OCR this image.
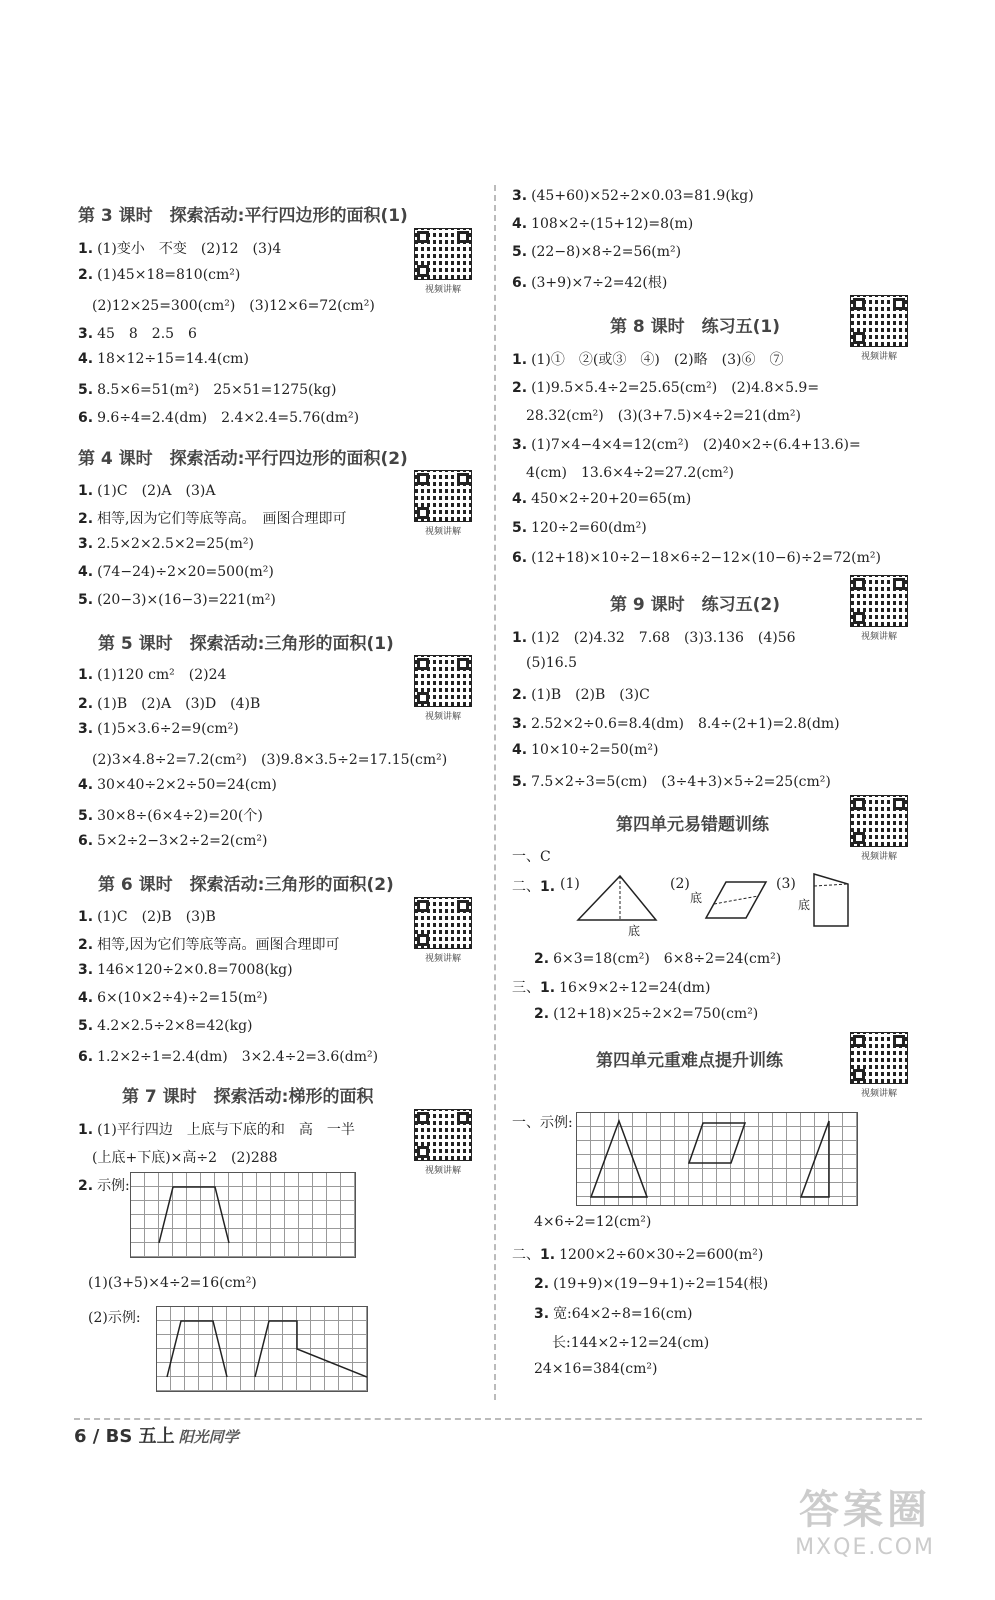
第 3 课时　探索活动:平行四边形的面积(1)
1. (1)变小　不变　(2)12　(3)4
2. (1)45×18=810(cm²)
(2)12×25=300(cm²)　(3)12×6=72(cm²)
3. 45　8　2.5　6
4. 18×12÷15=14.4(cm)
5. 8.5×6=51(m²)　25×51=1275(kg)
6. 9.6÷4=2.4(dm)　2.4×2.4=5.76(dm²)
第 4 课时　探索活动:平行四边形的面积(2)
1. (1)C　(2)A　(3)A
2. 相等,因为它们等底等高。　画图合理即可
3. 2.5×2×2.5×2=25(m²)
4. (74−24)÷2×20=500(m²)
5. (20−3)×(16−3)=221(m²)
第 5 课时　探索活动:三角形的面积(1)
1. (1)120 cm²　(2)24
2. (1)B　(2)A　(3)D　(4)B
3. (1)5×3.6÷2=9(cm²)
(2)3×4.8÷2=7.2(cm²)　(3)9.8×3.5÷2=17.15(cm²)
4. 30×40÷2×2÷50=24(cm)
5. 30×8÷(6×4÷2)=20(个)
6. 5×2÷2−3×2÷2=2(cm²)
第 6 课时　探索活动:三角形的面积(2)
1. (1)C　(2)B　(3)B
2. 相等,因为它们等底等高。画图合理即可
3. 146×120÷2×0.8=7008(kg)
4. 6×(10×2÷4)÷2=15(m²)
5. 4.2×2.5÷2×8=42(kg)
6. 1.2×2÷1=2.4(dm)　3×2.4÷2=3.6(dm²)
第 7 课时　探索活动:梯形的面积
1. (1)平行四边　上底与下底的和　高　一半
(上底+下底)×高÷2　(2)288
2. 示例:
(1)(3+5)×4÷2=16(cm²)
(2)示例:
视频讲解
视频讲解
视频讲解
视频讲解
视频讲解
3. (45+60)×52÷2×0.03=81.9(kg)
4. 108×2÷(15+12)=8(m)
5. (22−8)×8÷2=56(m²)
6. (3+9)×7÷2=42(根)
第 8 课时　练习五(1)
1. (1)①　②(或③　④)　(2)略　(3)⑥　⑦
2. (1)9.5×5.4÷2=25.65(cm²)　(2)4.8×5.9=
28.32(cm²)　(3)(3+7.5)×4÷2=21(dm²)
3. (1)7×4−4×4=12(cm²)　(2)40×2÷(6.4+13.6)=
4(cm)　13.6×4÷2=27.2(cm²)
4. 450×2÷20+20=65(m)
5. 120÷2=60(dm²)
6. (12+18)×10÷2−18×6÷2−12×(10−6)÷2=72(m²)
第 9 课时　练习五(2)
1. (1)2　(2)4.32　7.68　(3)3.136　(4)56
(5)16.5
2. (1)B　(2)B　(3)C
3. 2.52×2÷0.6=8.4(dm)　8.4÷(2+1)=2.8(dm)
4. 10×10÷2=50(m²)
5. 7.5×2÷3=5(cm)　(3÷4+3)×5÷2=25(cm²)
第四单元易错题训练
一、C
二、1. (1)
底
(2)
底
(3)
底
2. 6×3=18(cm²)　6×8÷2=24(cm²)
三、1. 16×9×2÷12=24(dm)
2. (12+18)×25÷2×2=750(cm²)
第四单元重难点提升训练
一、示例:
4×6÷2=12(cm²)
二、1. 1200×2÷60×30÷2=600(m²)
2. (19+9)×(19−9+1)÷2=154(根)
3. 宽:64×2÷8=16(cm)
长:144×2÷12=24(cm)
24×16=384(cm²)
视频讲解
视频讲解
视频讲解
视频讲解
6 / BS 五上 阳光同学
答案圈
MXQE.COM
